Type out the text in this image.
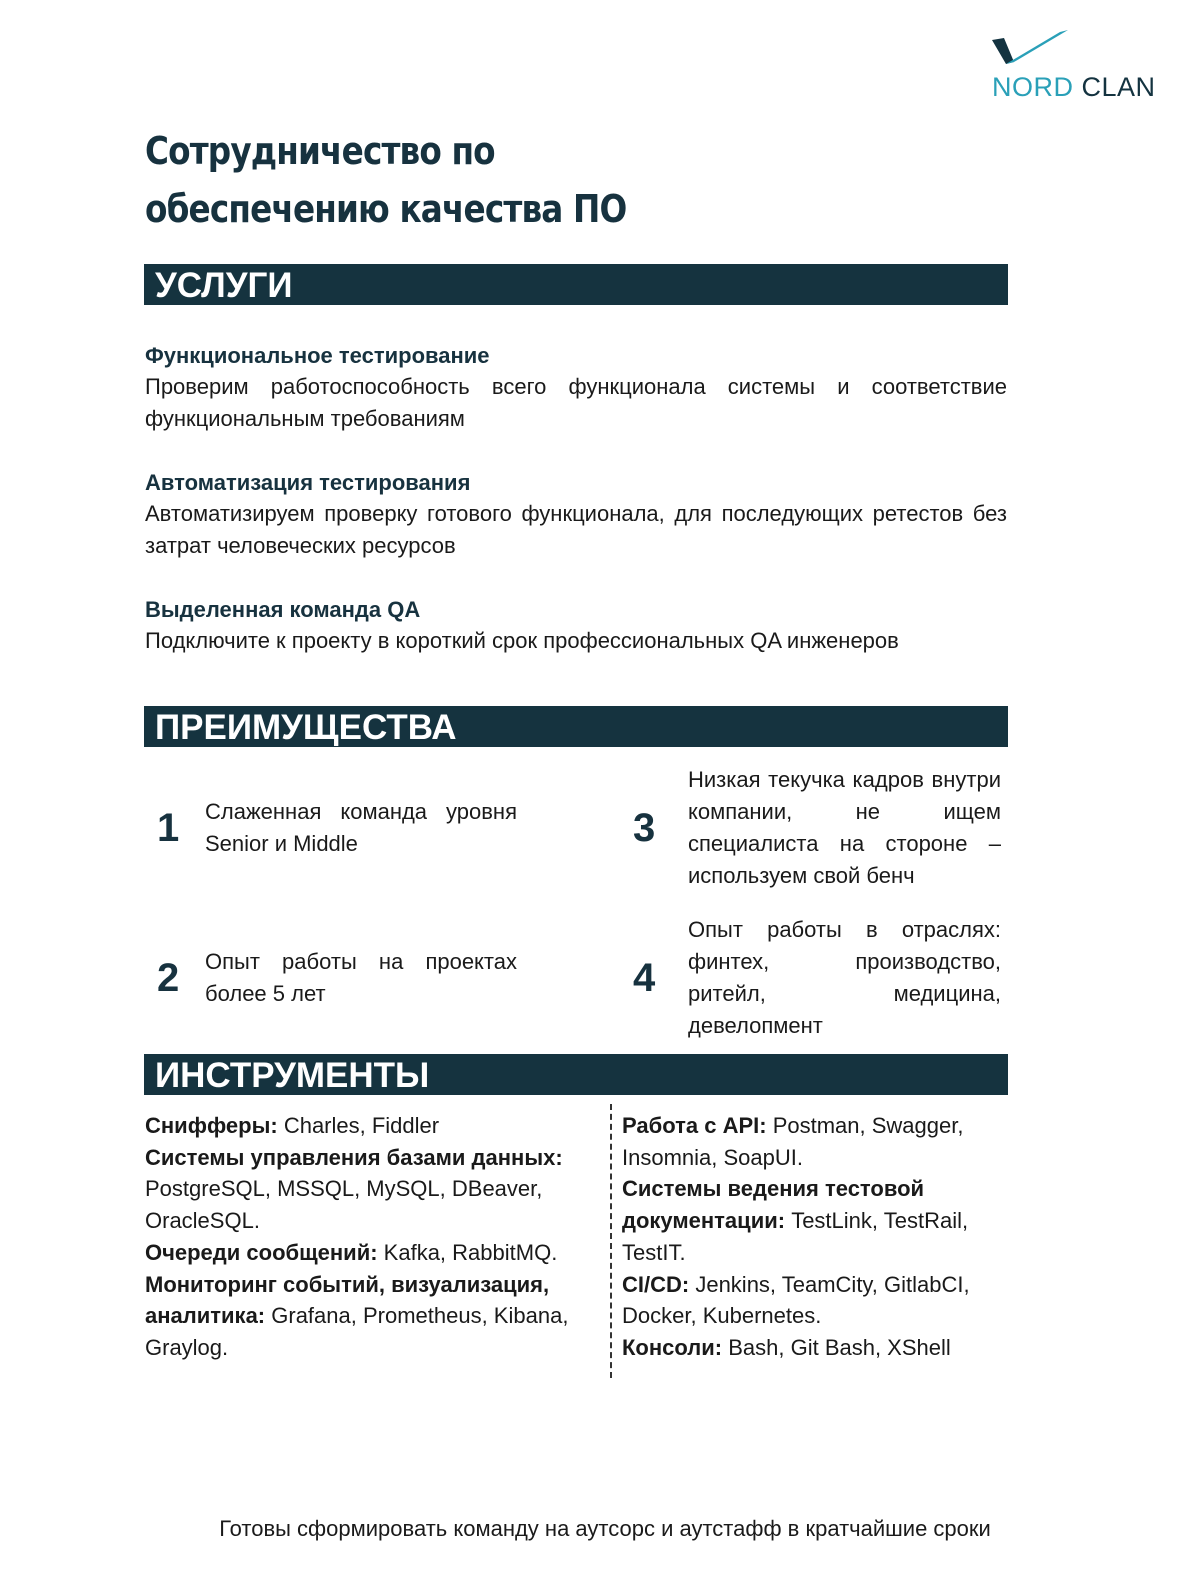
NORD CLAN
Сотрудничество по
обеспечению качества ПО
УСЛУГИ
Функциональное тестирование
Проверим работоспособность всего функционала системы и соответствие функциональным требованиям
Автоматизация тестирования
Автоматизируем проверку готового функционала, для последующих ретестов без затрат человеческих ресурсов
Выделенная команда QA
Подключите к проекту в короткий срок профессиональных QA инженеров
ПРЕИМУЩЕСТВА
1 Слаженная команда уровня Senior и Middle
2 Опыт работы на проектах более 5 лет
3
Низкая текучка кадров внутри компании, не ищем специалиста на стороне – используем свой бенч
4
Опыт работы в отраслях: финтех, производство, ритейл, медицина, девелопмент
ИНСТРУМЕНТЫ
Снифферы: Charles, Fiddler
Системы управления базами данных: PostgreSQL, MSSQL, MySQL, DBeaver, OracleSQL.
Очереди сообщений: Kafka, RabbitMQ.
Мониторинг событий, визуализация, аналитика: Grafana, Prometheus, Kibana, Graylog.
Работа с API: Postman, Swagger, Insomnia, SoapUI.
Системы ведения тестовой документации: TestLink, TestRail, TestIT.
CI/CD: Jenkins, TeamCity, GitlabCI, Docker, Kubernetes.
Консоли: Bash, Git Bash, XShell
Готовы сформировать команду на аутсорс и аутстафф в кратчайшие сроки
